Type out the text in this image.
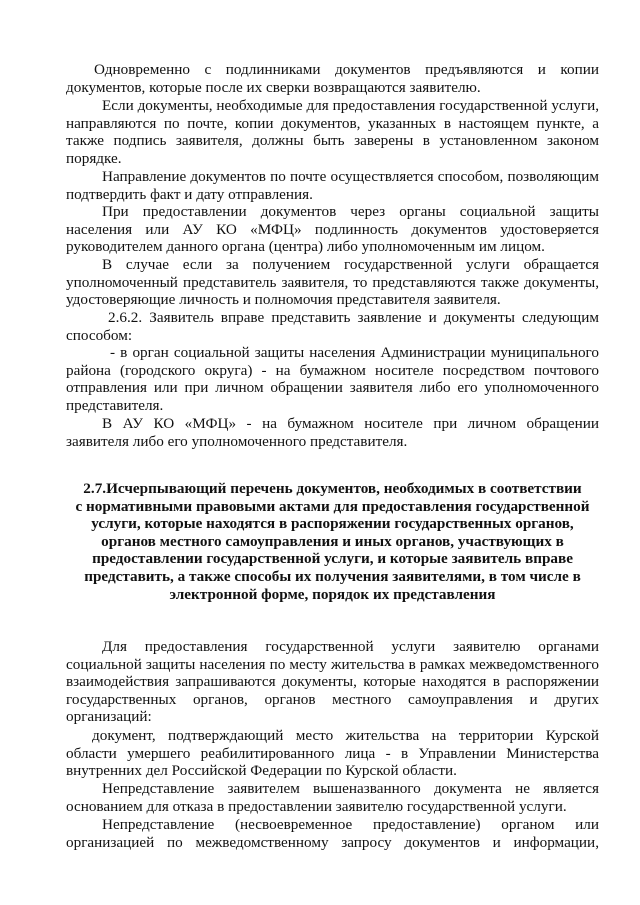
Одновременно с подлинниками документов предъявляются и копии
документов, которые после их сверки возвращаются заявителю.
Если документы, необходимые для предоставления государственной услуги,
направляются по почте, копии документов, указанных в настоящем пункте, а
также подпись заявителя, должны быть заверены в установленном законом
порядке.
Направление документов по почте осуществляется способом, позволяющим
подтвердить факт и дату отправления.
При предоставлении документов через органы социальной защиты
населения или АУ КО «МФЦ» подлинность документов удостоверяется
руководителем данного органа (центра) либо уполномоченным им лицом.
В случае если за получением государственной услуги обращается
уполномоченный представитель заявителя, то представляются также документы,
удостоверяющие личность и полномочия представителя заявителя.
2.6.2. Заявитель вправе представить заявление и документы следующим
способом:
- в орган социальной защиты населения Администрации муниципального
района (городского округа) - на бумажном носителе посредством почтового
отправления или при личном обращении заявителя либо его уполномоченного
представителя.
В АУ КО «МФЦ» - на бумажном носителе при личном обращении
заявителя либо его уполномоченного представителя.
Для предоставления государственной услуги заявителю органами
социальной защиты населения по месту жительства в рамках межведомственного
взаимодействия запрашиваются документы, которые находятся в распоряжении
государственных органов, органов местного самоуправления и других
организаций:
документ, подтверждающий место жительства на территории Курской
области умершего реабилитированного лица - в Управлении Министерства
внутренних дел Российской Федерации по Курской области.
Непредставление заявителем вышеназванного документа не является
основанием для отказа в предоставлении заявителю государственной услуги.
Непредставление (несвоевременное предоставление) органом или
организацией по межведомственному запросу документов и информации,
2.7.Исчерпывающий перечень документов, необходимых в соответствии
с нормативными правовыми актами для предоставления государственной
услуги, которые находятся в распоряжении государственных органов,
органов местного самоуправления и иных органов, участвующих в
предоставлении государственной услуги, и которые заявитель вправе
представить, а также способы их получения заявителями, в том числе в
электронной форме, порядок их представления
